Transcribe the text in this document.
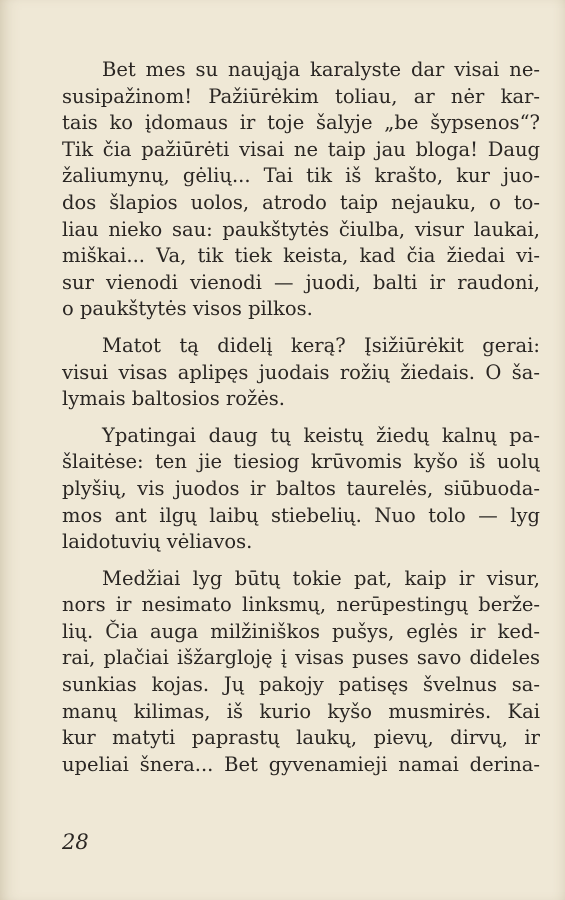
Bet mes su naująja karalyste dar visai ne-
susipažinom! Pažiūrėkim toliau, ar nėr kar-
tais ko įdomaus ir toje šalyje „be šypsenos“?
Tik čia pažiūrėti visai ne taip jau bloga! Daug
žaliumynų, gėlių... Tai tik iš krašto, kur juo-
dos šlapios uolos, atrodo taip nejauku, o to-
liau nieko sau: paukštytės čiulba, visur laukai,
miškai... Va, tik tiek keista, kad čia žiedai vi-
sur vienodi vienodi — juodi, balti ir raudoni,
o paukštytės visos pilkos.

Matot tą didelį kerą? Įsižiūrėkit gerai:
visui visas aplipęs juodais rožių žiedais. O ša-
lymais baltosios rožės.

Ypatingai daug tų keistų žiedų kalnų pa-
šlaitėse: ten jie tiesiog krūvomis kyšo iš uolų
plyšių, vis juodos ir baltos taurelės, siūbuoda-
mos ant ilgų laibų stiebelių. Nuo tolo — lyg
laidotuvių vėliavos.

Medžiai lyg būtų tokie pat, kaip ir visur,
nors ir nesimato linksmų, nerūpestingų berže-
lių. Čia auga milžiniškos pušys, eglės ir ked-
rai, plačiai išžargloję į visas puses savo dideles
sunkias kojas. Jų pakojy patisęs švelnus sa-
manų kilimas, iš kurio kyšo musmirės. Kai
kur matyti paprastų laukų, pievų, dirvų, ir
upeliai šnera... Bet gyvenamieji namai derina-

28
